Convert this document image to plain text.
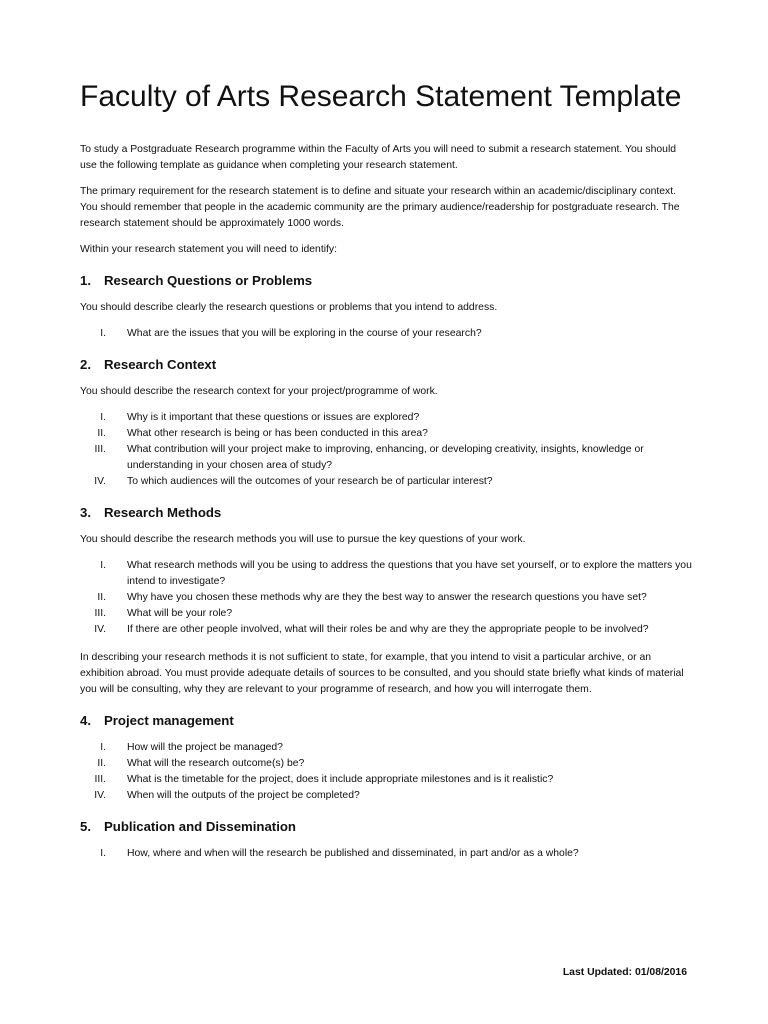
Faculty of Arts Research Statement Template

To study a Postgraduate Research programme within the Faculty of Arts you will need to submit a research statement. You should use the following template as guidance when completing your research statement.

The primary requirement for the research statement is to define and situate your research within an academic/disciplinary context. You should remember that people in the academic community are the primary audience/readership for postgraduate research. The research statement should be approximately 1000 words.

Within your research statement you will need to identify:

1. Research Questions or Problems

You should describe clearly the research questions or problems that you intend to address.

I.	What are the issues that you will be exploring in the course of your research?
2. Research Context

You should describe the research context for your project/programme of work.

I.	Why is it important that these questions or issues are explored?
II.	What other research is being or has been conducted in this area?
III.	What contribution will your project make to improving, enhancing, or developing creativity, insights, knowledge or understanding in your chosen area of study?
IV.	To which audiences will the outcomes of your research be of particular interest?
3. Research Methods

You should describe the research methods you will use to pursue the key questions of your work.

I.	What research methods will you be using to address the questions that you have set yourself, or to explore the matters you intend to investigate?
II.	Why have you chosen these methods why are they the best way to answer the research questions you have set?
III.	What will be your role?
IV.	If there are other people involved, what will their roles be and why are they the appropriate people to be involved?

In describing your research methods it is not sufficient to state, for example, that you intend to visit a particular archive, or an exhibition abroad. You must provide adequate details of sources to be consulted, and you should state briefly what kinds of material you will be consulting, why they are relevant to your programme of research, and how you will interrogate them.

4. Project management
I.	How will the project be managed?
II.	What will the research outcome(s) be?
III.	What is the timetable for the project, does it include appropriate milestones and is it realistic?
IV.	When will the outputs of the project be completed?
5. Publication and Dissemination
I.	How, where and when will the research be published and disseminated, in part and/or as a whole?
Last Updated: 01/08/2016
